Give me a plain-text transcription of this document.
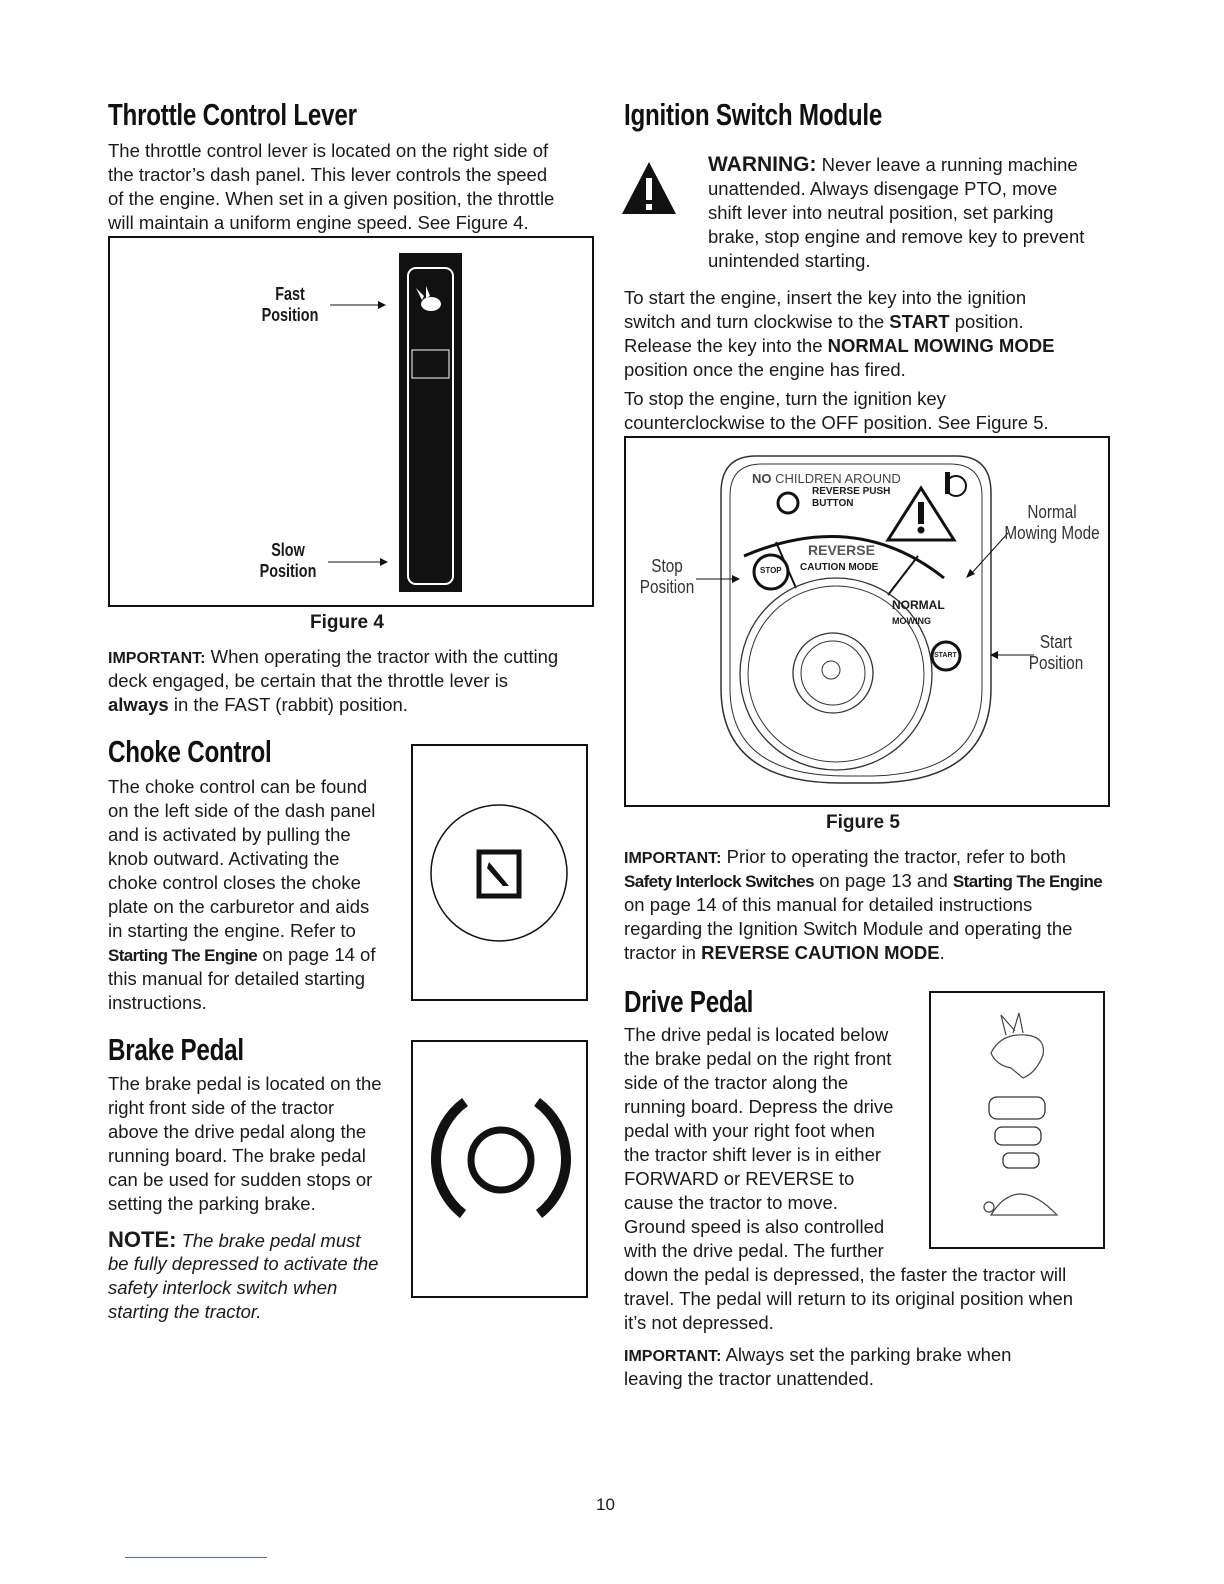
Throttle Control Lever
The throttle control lever is located on the right side of
the tractor’s dash panel. This lever controls the speed
of the engine. When set in a given position, the throttle
will maintain a uniform engine speed. See Figure 4.
Fast
Position
Slow
Position
Figure 4
IMPORTANT: When operating the tractor with the cutting
deck engaged, be certain that the throttle lever is
always in the FAST (rabbit) position.
Choke Control
The choke control can be found
on the left side of the dash panel
and is activated by pulling the
knob outward. Activating the
choke control closes the choke
plate on the carburetor and aids
in starting the engine. Refer to
Starting The Engine on page 14 of
this manual for detailed starting
instructions.
Brake Pedal
The brake pedal is located on the
right front side of the tractor
above the drive pedal along the
running board. The brake pedal
can be used for sudden stops or
setting the parking brake.
NOTE: The brake pedal must
be fully depressed to activate the
safety interlock switch when
starting the tractor.
Ignition Switch Module
WARNING: Never leave a running machine
unattended. Always disengage PTO, move
shift lever into neutral position, set parking
brake, stop engine and remove key to prevent
unintended starting.
To start the engine, insert the key into the ignition
switch and turn clockwise to the START position.
Release the key into the NORMAL MOWING MODE
position once the engine has fired.
To stop the engine, turn the ignition key
counterclockwise to the OFF position. See Figure 5.
NO CHILDREN AROUND
REVERSE PUSH
BUTTON
STOP
REVERSE
CAUTION MODE
NORMAL
MOWING
START
Stop
Position
Normal
Mowing Mode
Start
Position
Figure 5
IMPORTANT: Prior to operating the tractor, refer to both
Safety Interlock Switches on page 13 and Starting The Engine
on page 14 of this manual for detailed instructions
regarding the Ignition Switch Module and operating the
tractor in REVERSE CAUTION MODE.
Drive Pedal
The drive pedal is located below
the brake pedal on the right front
side of the tractor along the
running board. Depress the drive
pedal with your right foot when
the tractor shift lever is in either
FORWARD or REVERSE to
cause the tractor to move.
Ground speed is also controlled
with the drive pedal. The further
down the pedal is depressed, the faster the tractor will
travel. The pedal will return to its original position when
it’s not depressed.
IMPORTANT: Always set the parking brake when
leaving the tractor unattended.
10
